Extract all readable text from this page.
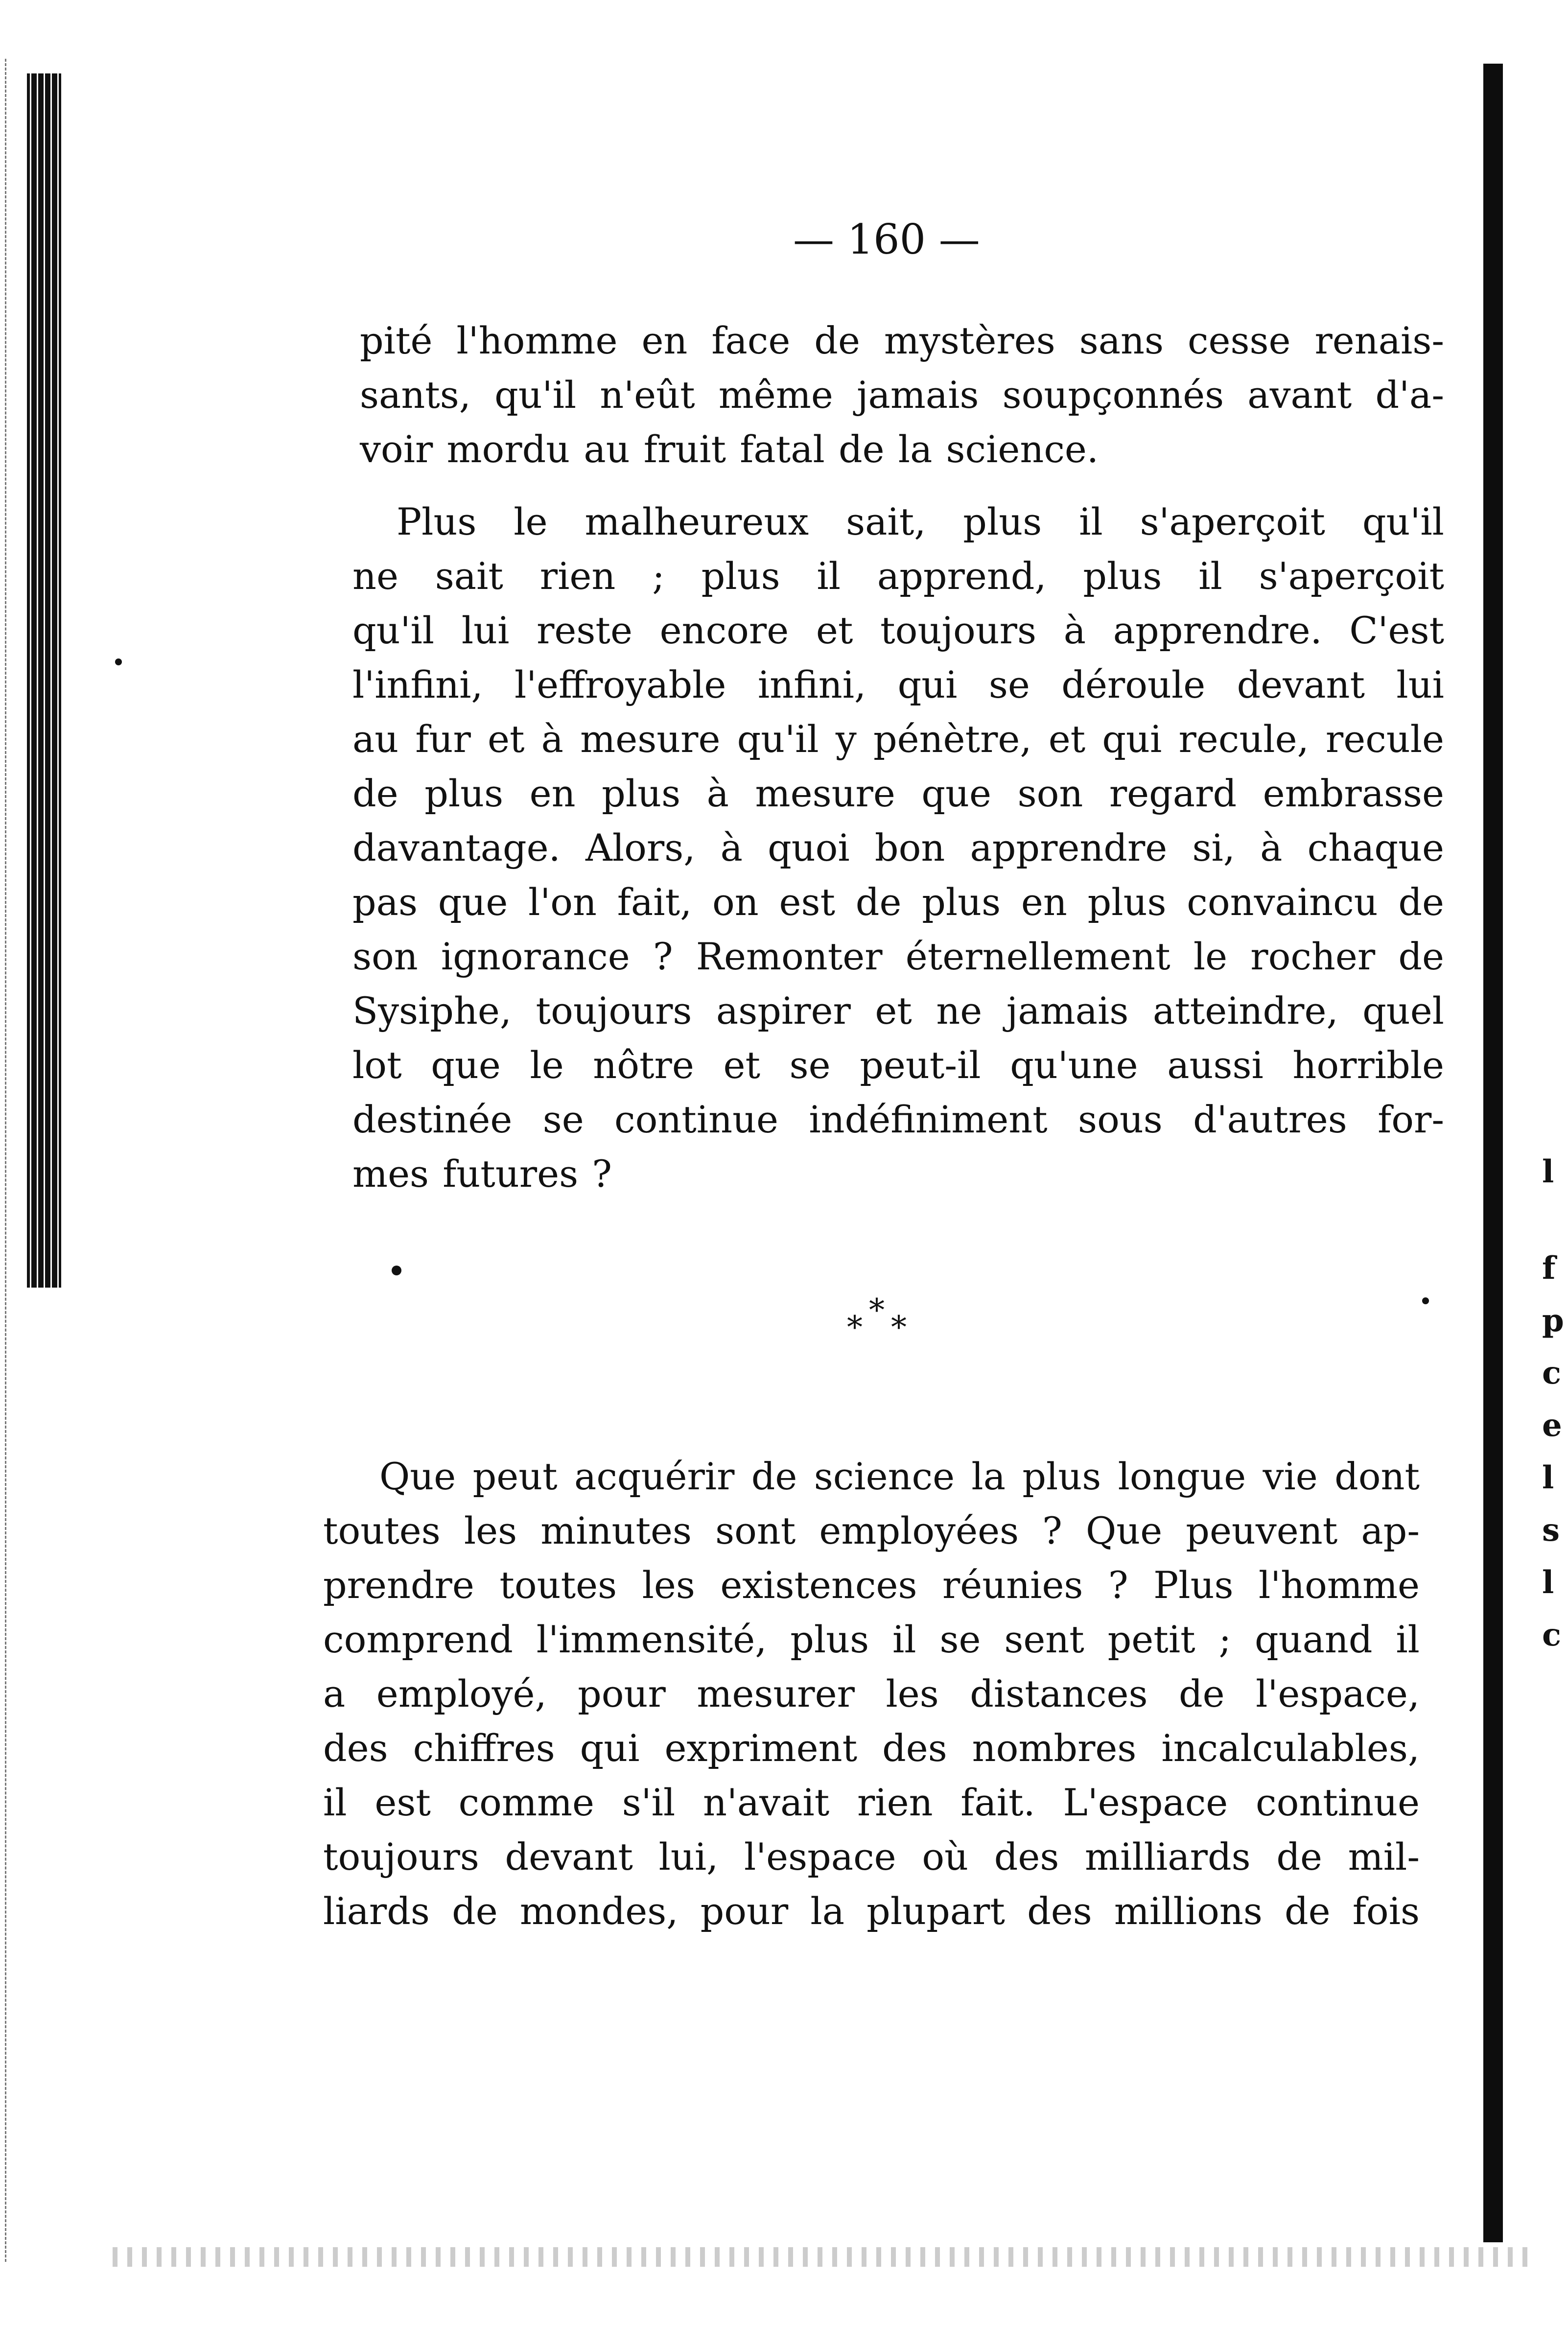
l
f
p
c
e
l
s
l
c
— 160 —
pité l'homme en face de mystères sans cesse renais-
sants, qu'il n'eût même jamais soupçonnés avant d'a-
voir mordu au fruit fatal de la science.
Plus le malheureux sait, plus il s'aperçoit qu'il
ne sait rien ; plus il apprend, plus il s'aperçoit
qu'il lui reste encore et toujours à apprendre. C'est
l'infini, l'effroyable infini, qui se déroule devant lui
au fur et à mesure qu'il y pénètre, et qui recule, recule
de plus en plus à mesure que son regard embrasse
davantage. Alors, à quoi bon apprendre si, à chaque
pas que l'on fait, on est de plus en plus convaincu de
son ignorance ? Remonter éternellement le rocher de
Sysiphe, toujours aspirer et ne jamais atteindre, quel
lot que le nôtre et se peut-il qu'une aussi horrible
destinée se continue indéfiniment sous d'autres for-
mes futures ?
*
* *
Que peut acquérir de science la plus longue vie dont
toutes les minutes sont employées ? Que peuvent ap-
prendre toutes les existences réunies ? Plus l'homme
comprend l'immensité, plus il se sent petit ; quand il
a employé, pour mesurer les distances de l'espace,
des chiffres qui expriment des nombres incalculables,
il est comme s'il n'avait rien fait. L'espace continue
toujours devant lui, l'espace où des milliards de mil-
liards de mondes, pour la plupart des millions de fois
